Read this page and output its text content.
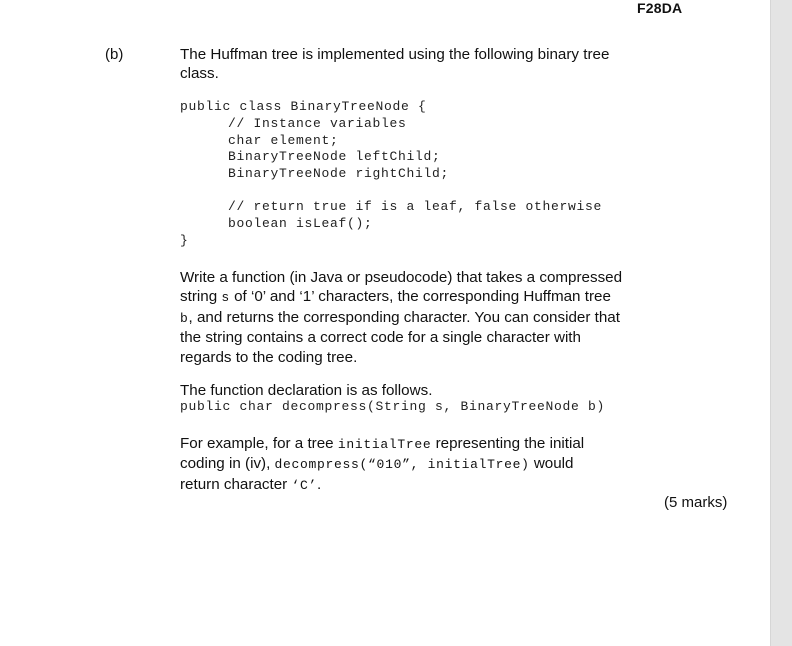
F28DA
(b)	The Huffman tree is implemented using the following binary tree
class.
public class BinaryTreeNode {
// Instance variables
char element;
BinaryTreeNode leftChild;
BinaryTreeNode rightChild;
// return true if is a leaf, false otherwise
boolean isLeaf();
}
Write a function (in Java or pseudocode) that takes a compressed
string s of ‘0’ and ‘1’ characters, the corresponding Huffman tree
b, and returns the corresponding character. You can consider that
the string contains a correct code for a single character with
regards to the coding tree.
The function declaration is as follows.
public char decompress(String s, BinaryTreeNode b)
For example, for a tree initialTree representing the initial
coding in (iv), decompress(“010”, initialTree) would
return character ‘C’.
(5 marks)
